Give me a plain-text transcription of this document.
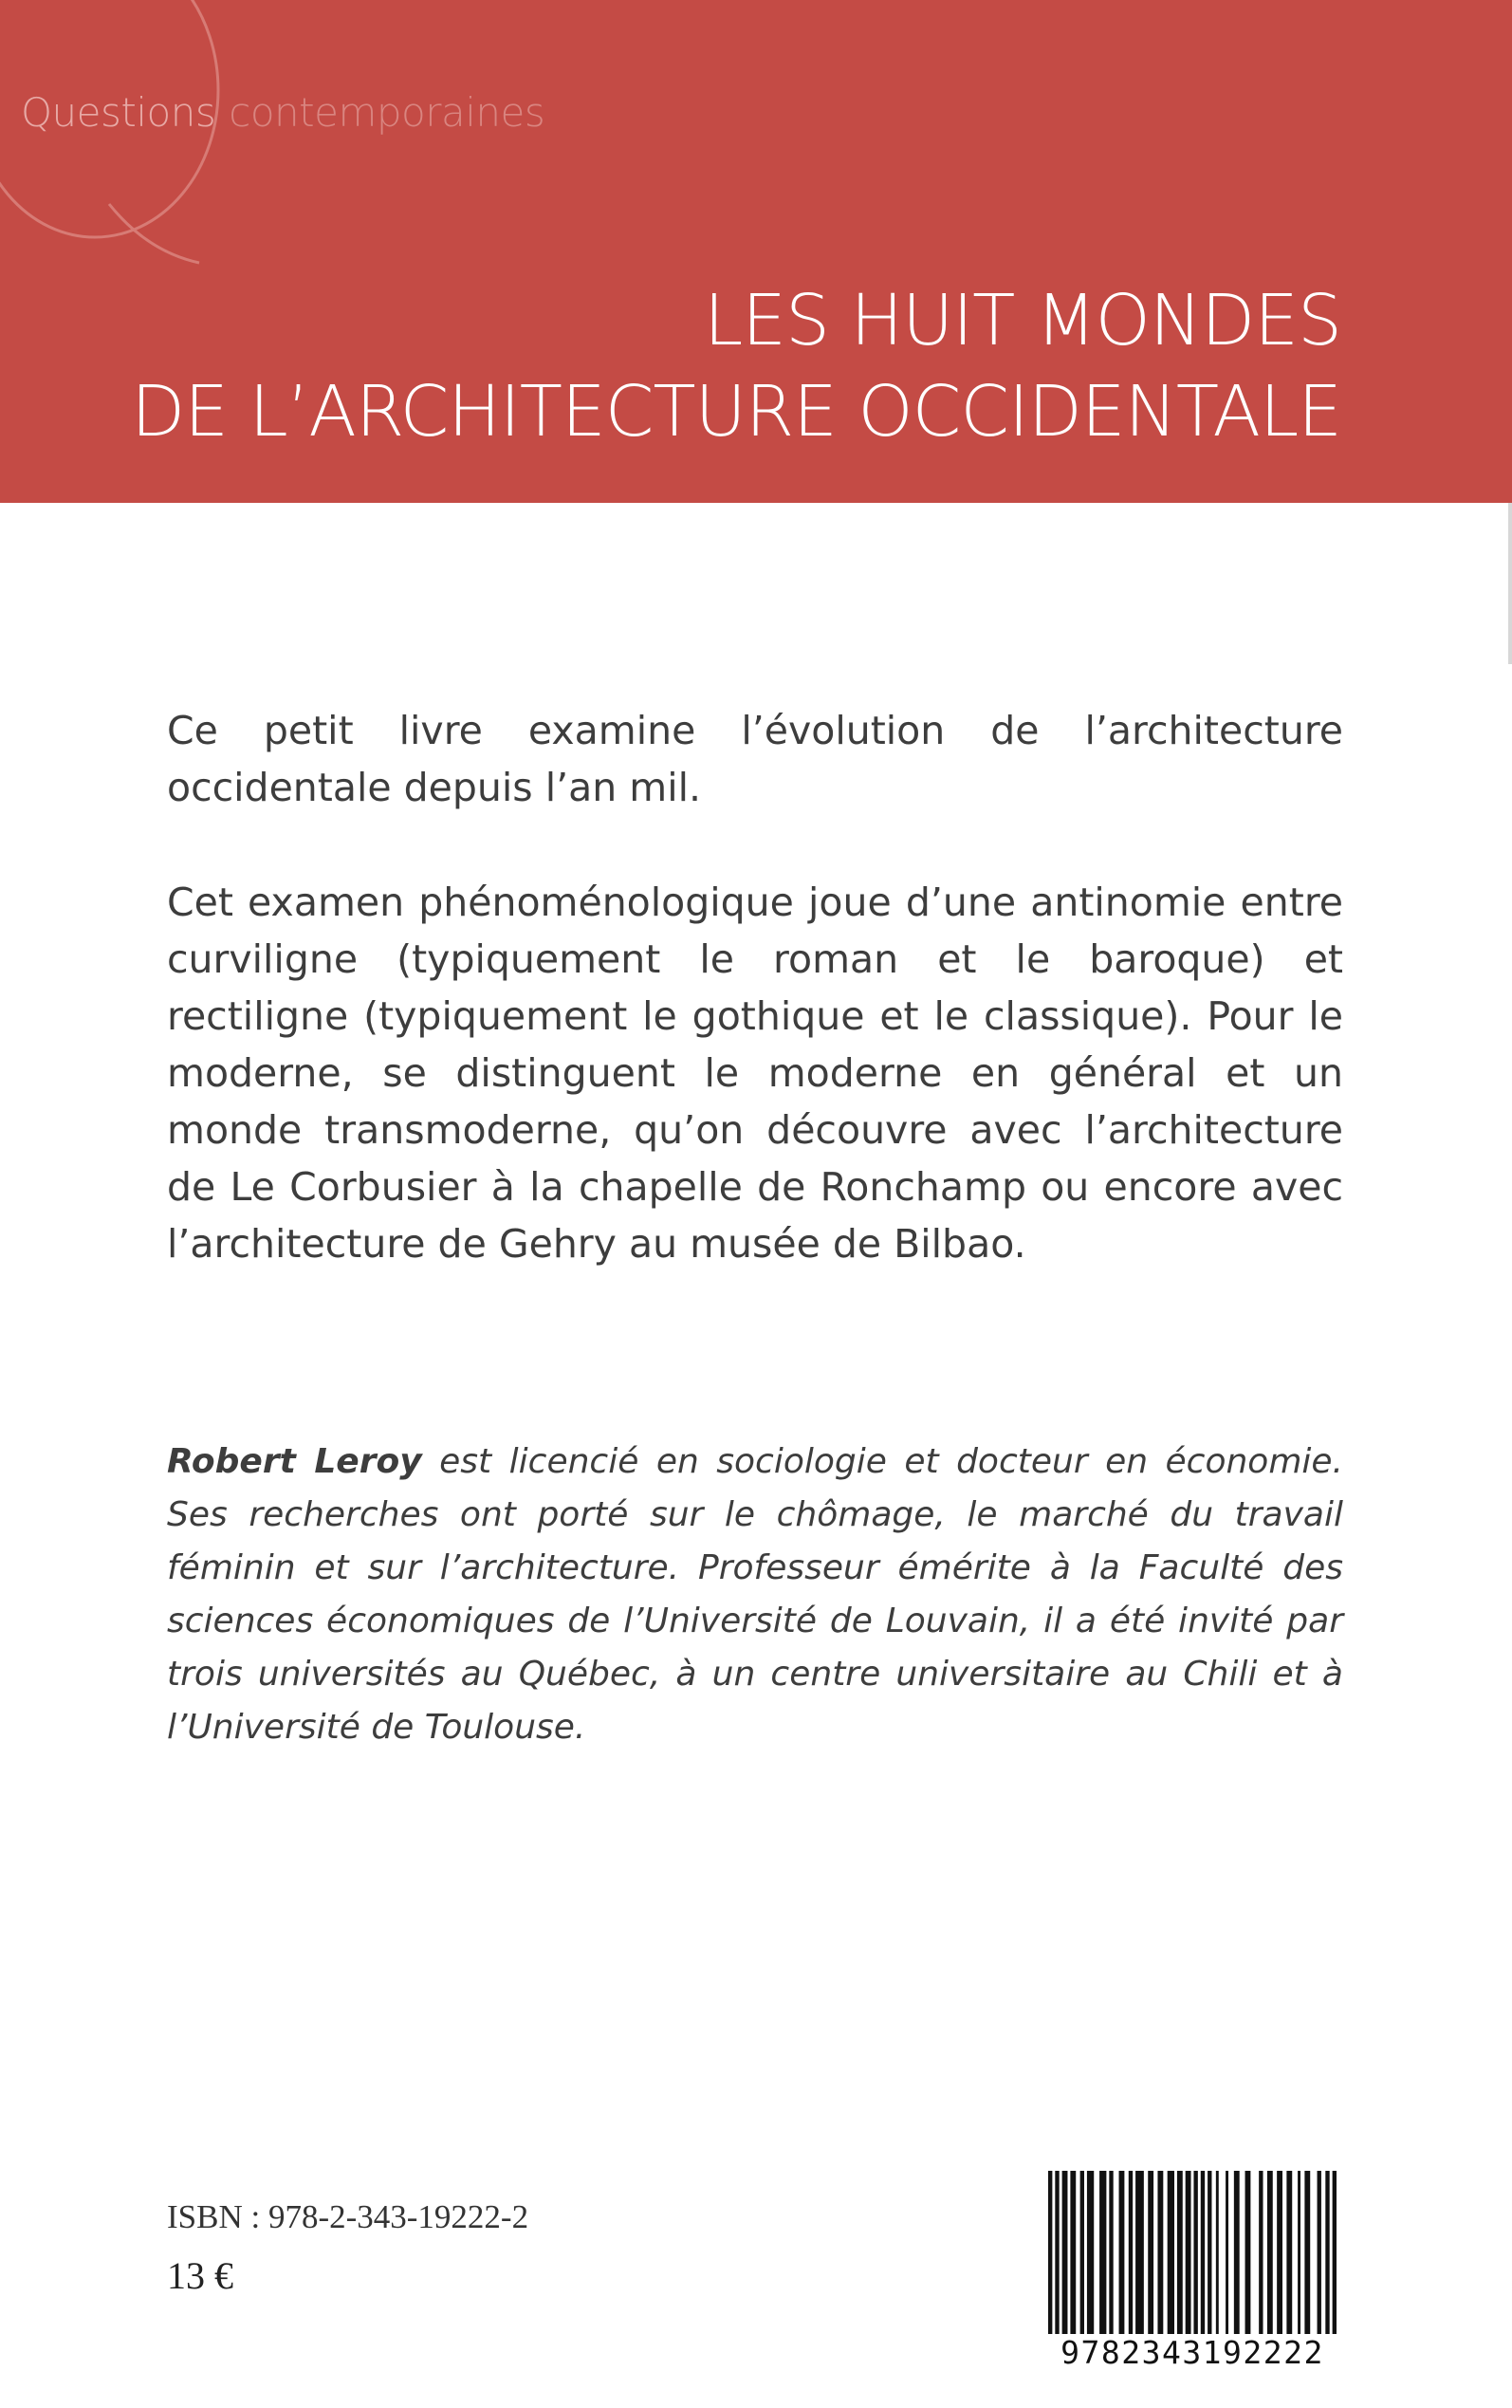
Questions contemporaines
LES HUIT MONDES
DE L’ARCHITECTURE OCCIDENTALE
Ce petit livre examine l’évolution de l’architecture occidentale depuis l’an mil.
Cet examen phénoménologique joue d’une antinomie entre curviligne (typiquement le roman et le baroque) et rectiligne (typiquement le gothique et le classique). Pour le moderne, se distinguent le moderne en général et un monde transmoderne, qu’on découvre avec l’architecture de Le Corbusier à la chapelle de Ronchamp ou encore avec l’architecture de Gehry au musée de Bilbao.
Robert Leroy est licencié en sociologie et docteur en économie. Ses recherches ont porté sur le chômage, le marché du travail féminin et sur l’architecture. Professeur émérite à la Faculté des sciences économiques de l’Université de Louvain, il a été invité par trois universités au Québec, à un centre universitaire au Chili et à l’Université de Toulouse.
ISBN : 978-2-343-19222-2
13 €
9782343192222
